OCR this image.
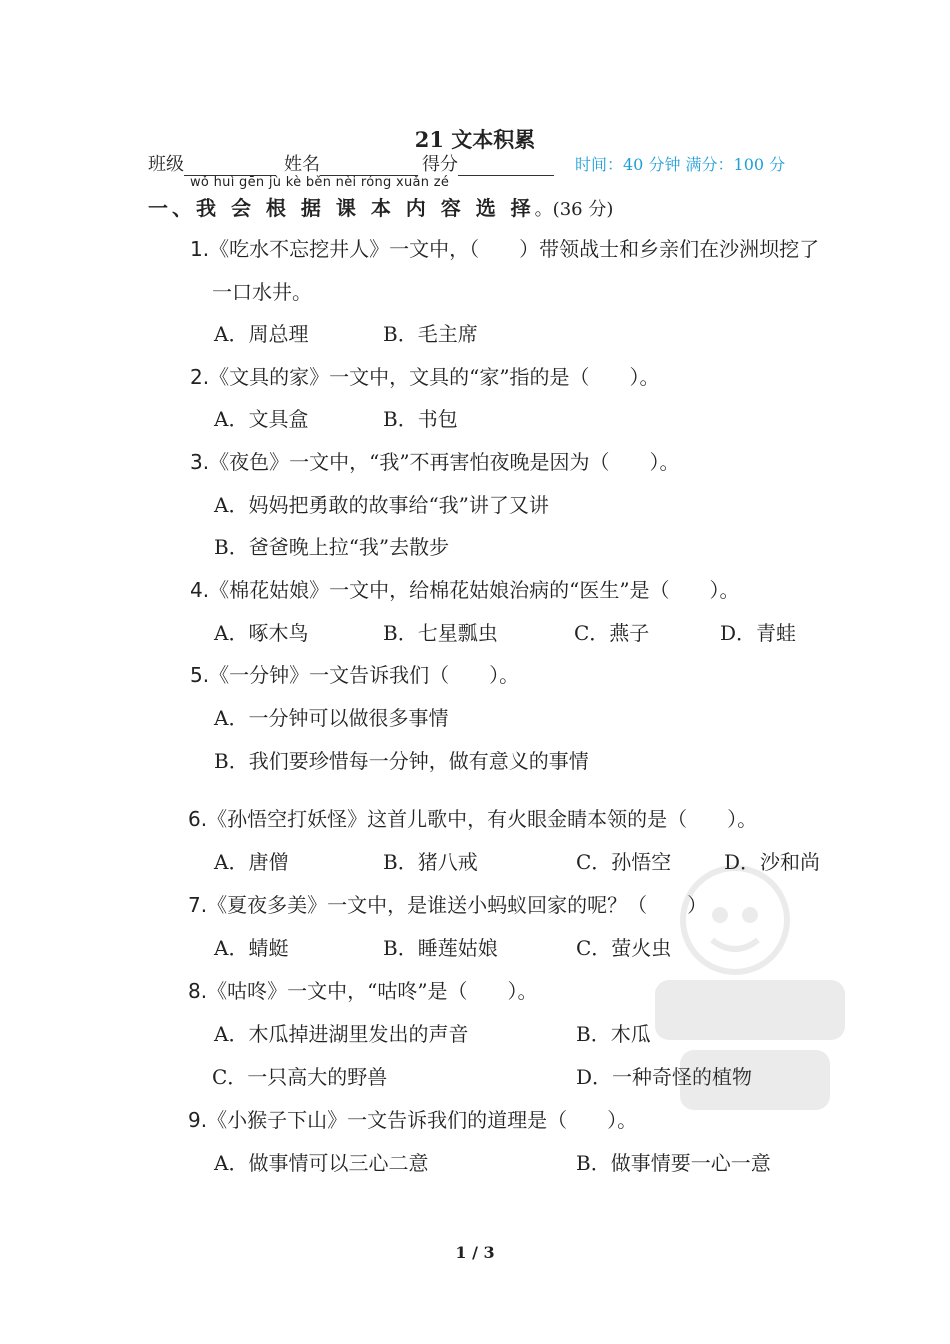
21 文本积累
班级	姓名	得分	时间：40 分钟 满分：100 分
wǒ huì gēn jù kè běn nèi róng xuǎn zé
一、我 会 根 据 课 本 内 容 选 择。(36 分)
1.《吃水不忘挖井人》一文中，（　　）带领战士和乡亲们在沙洲坝挖了
一口水井。
A．周总理	B．毛主席
2.《文具的家》一文中，文具的“家”指的是（　　）。
A．文具盒	B．书包
3.《夜色》一文中，“我”不再害怕夜晚是因为（　　）。
A．妈妈把勇敢的故事给“我”讲了又讲
B．爸爸晚上拉“我”去散步
4.《棉花姑娘》一文中，给棉花姑娘治病的“医生”是（　　）。
A．啄木鸟	B．七星瓢虫	C．燕子	D．青蛙
5.《一分钟》一文告诉我们（　　）。
A．一分钟可以做很多事情
B．我们要珍惜每一分钟，做有意义的事情
6.《孙悟空打妖怪》这首儿歌中，有火眼金睛本领的是（　　）。
A．唐僧	B．猪八戒	C．孙悟空	D．沙和尚
7.《夏夜多美》一文中，是谁送小蚂蚁回家的呢？（　　）
A．蜻蜓	B．睡莲姑娘	C．萤火虫
8.《咕咚》一文中，“咕咚”是（　　）。
A．木瓜掉进湖里发出的声音	B．木瓜
C．一只高大的野兽	D．一种奇怪的植物
9.《小猴子下山》一文告诉我们的道理是（　　）。
A．做事情可以三心二意	B．做事情要一心一意
1 / 3
